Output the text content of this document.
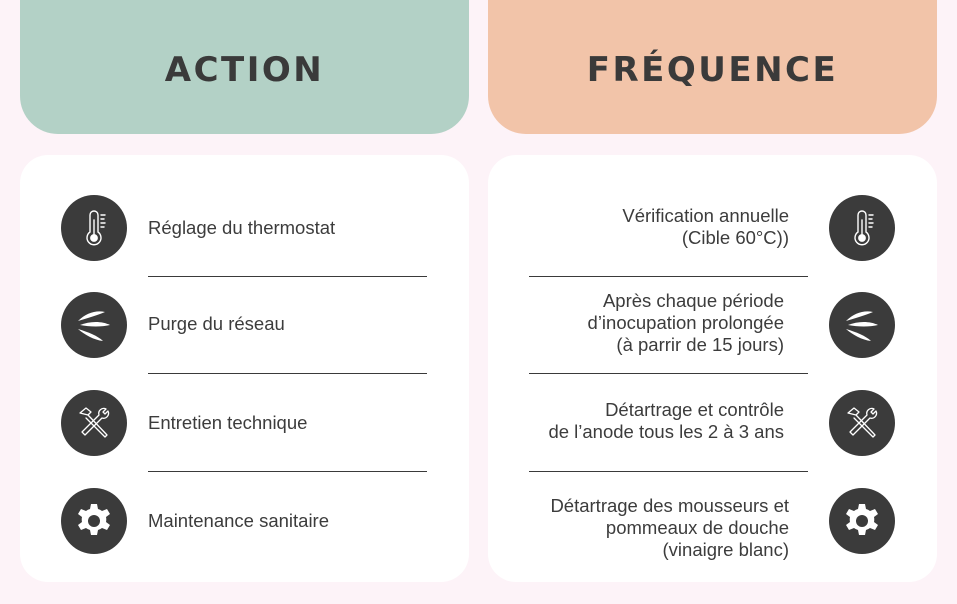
ACTION	FRÉQUENCE
Réglage du thermostat
Purge du réseau
Entretien technique
Maintenance sanitaire
Vérification annuelle
(Cible 60°C))
Après chaque période
d’inocupation prolongée
(à parrir de 15 jours)
Détartrage et contrôle
de l’anode tous les 2 à 3 ans
Détartrage des mousseurs et
pommeaux de douche
(vinaigre blanc)
